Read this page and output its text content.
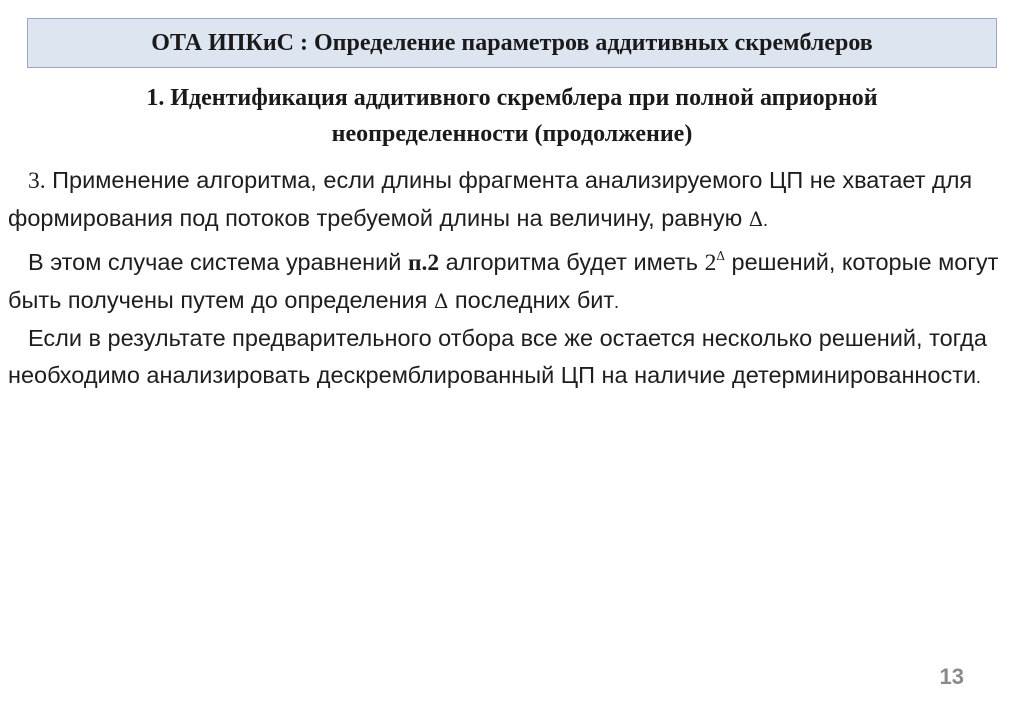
ОТА ИПКиС : Определение параметров аддитивных скремблеров
1. Идентификация аддитивного скремблера при полной априорной
неопределенности (продолжение)

3. Применение алгоритма, если длины фрагмента анализируемого ЦП не хватает для формирования под потоков требуемой длины на величину, равную Δ.

В этом случае система уравнений п.2 алгоритма будет иметь $2^\Delta$ решений, которые могут быть получены путем до определения Δ последних бит.

Если в результате предварительного отбора все же остается несколько решений, тогда необходимо анализировать дескремблированный ЦП на наличие детерминированности.

13
